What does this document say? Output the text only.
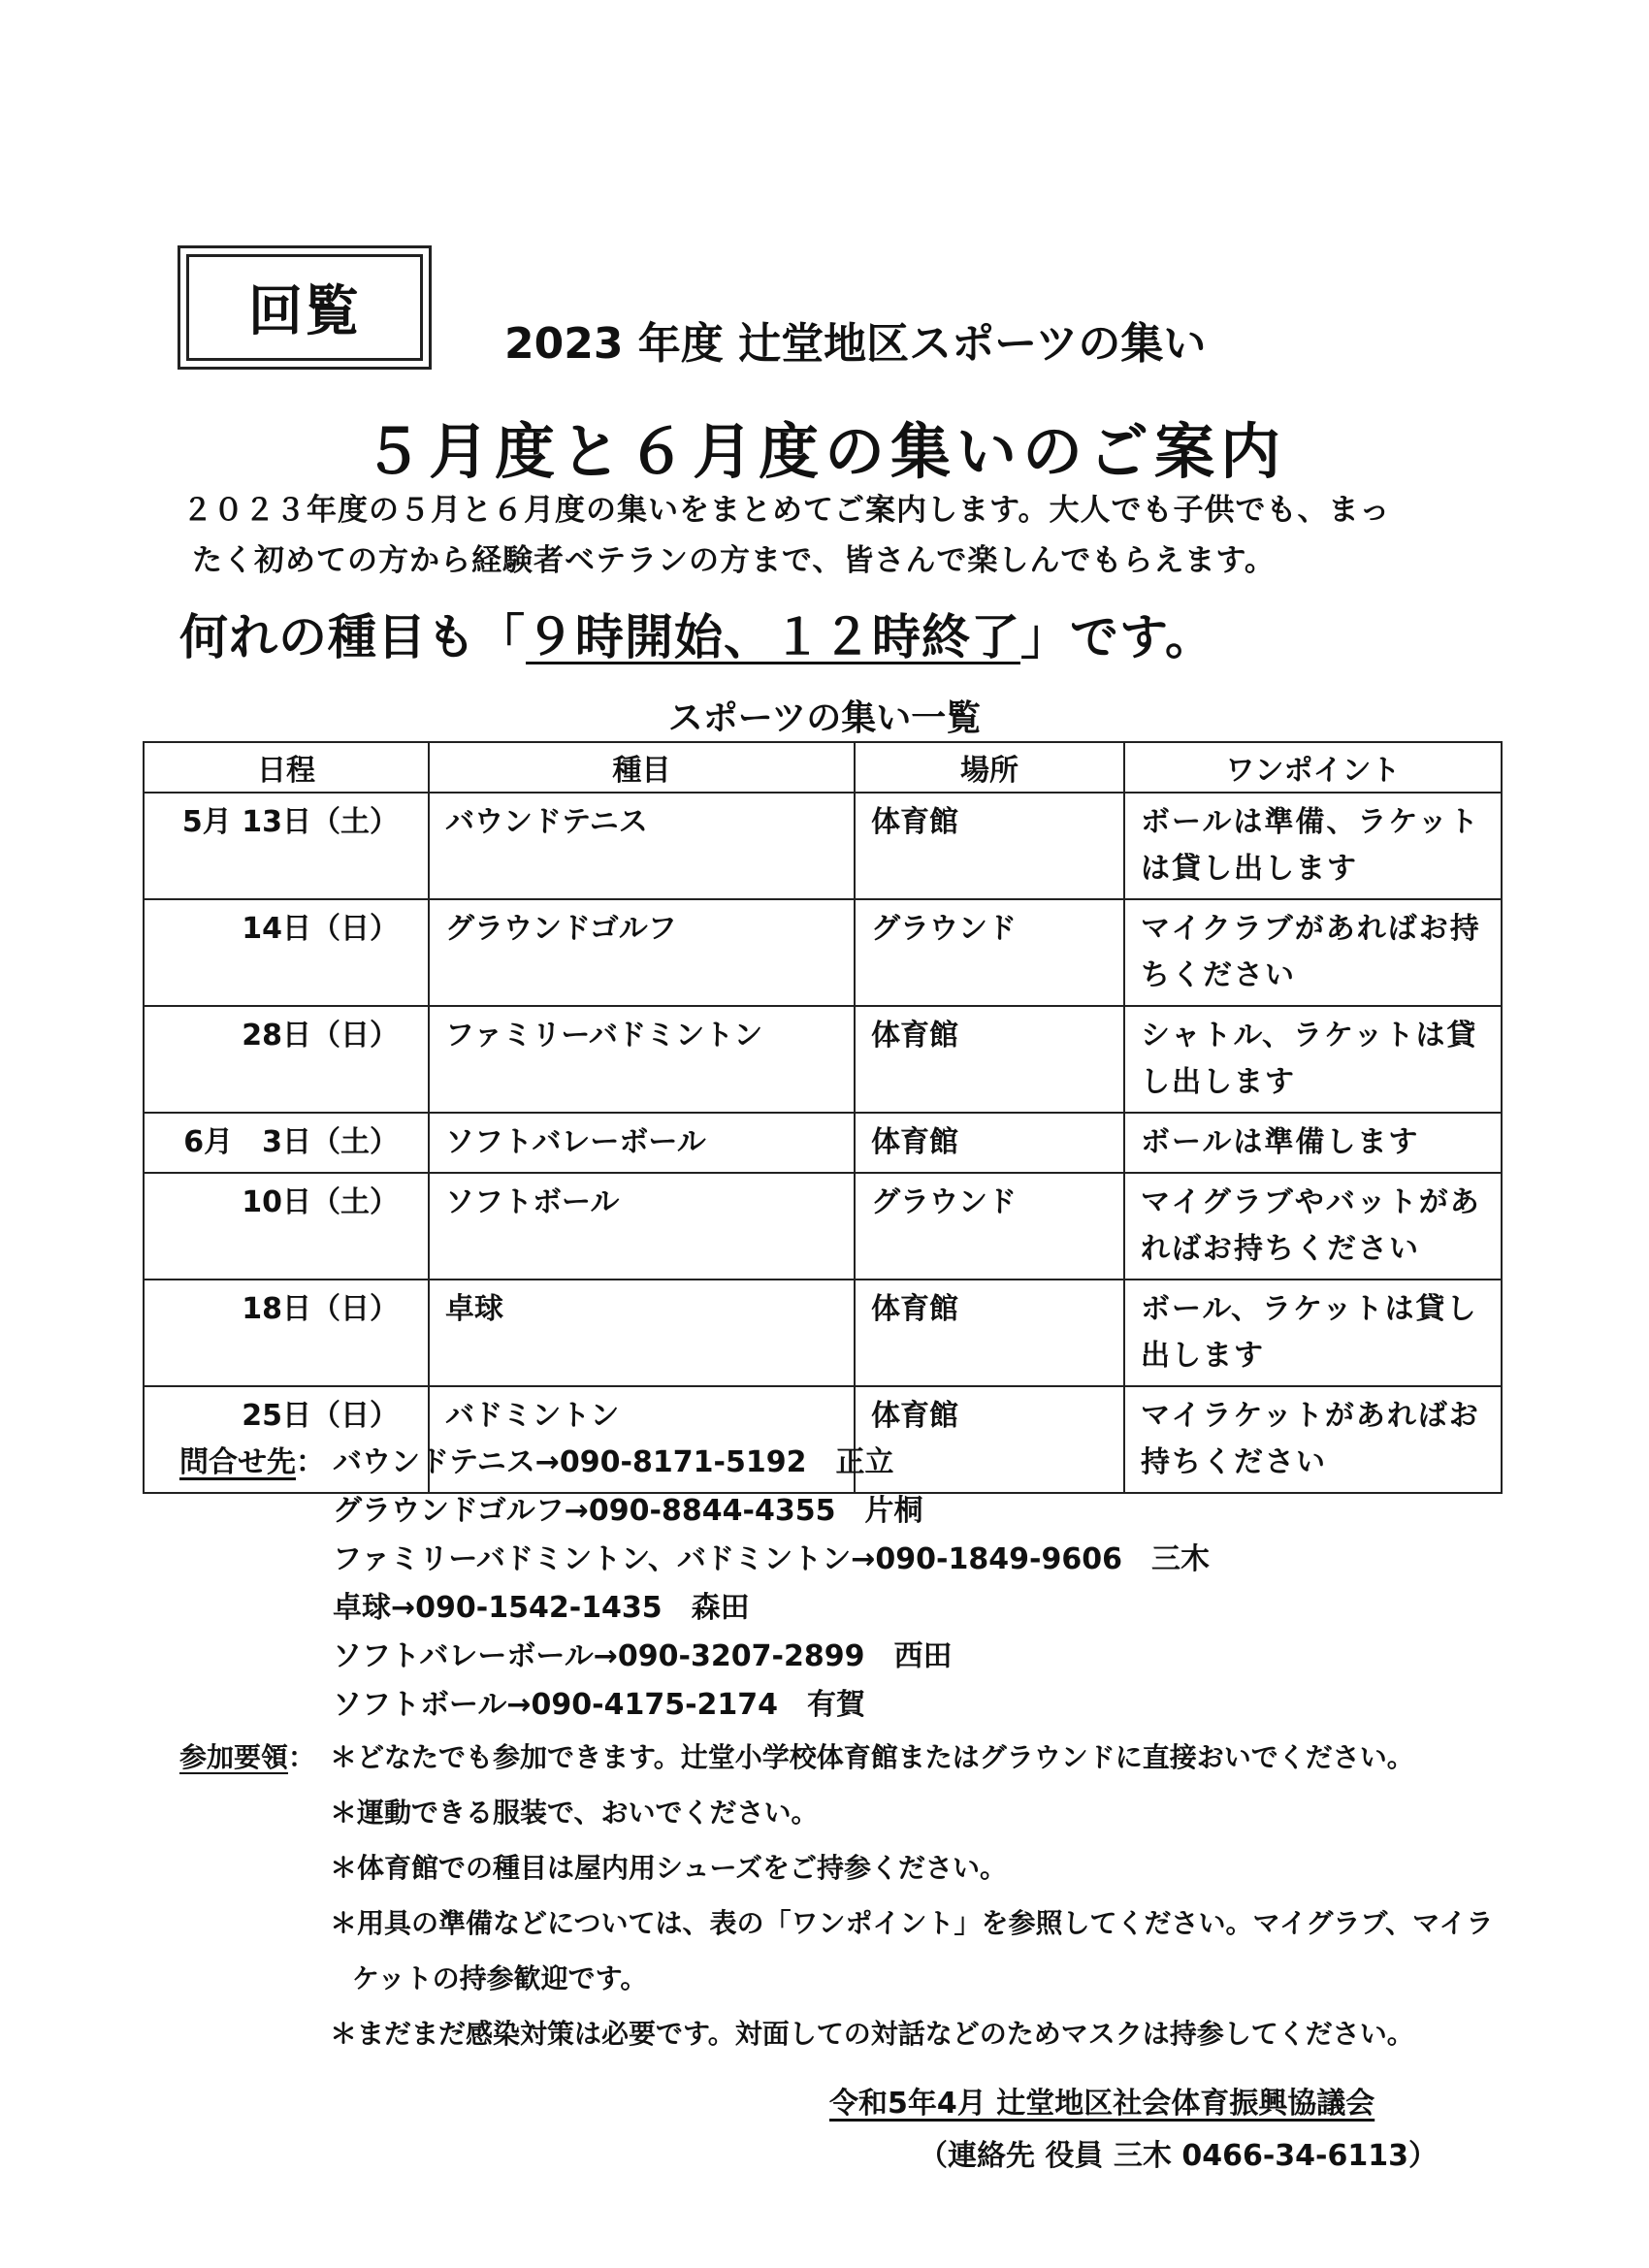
回覧
2023 年度 辻堂地区スポーツの集い
５月度と６月度の集いのご案内
２０２３年度の５月と６月度の集いをまとめてご案内します。大人でも子供でも、まっ
たく初めての方から経験者ベテランの方まで、皆さんで楽しんでもらえます。
何れの種目も「９時開始、１２時終了」です。
スポーツの集い一覧
日程	種目	場所	ワンポイント
5月 13日（土）	バウンドテニス	体育館	ボールは準備、ラケットは貸し出します
14日（日）	グラウンドゴルフ	グラウンド	マイクラブがあればお持ちください
28日（日）	ファミリーバドミントン	体育館	シャトル、ラケットは貸し出します
6月　3日（土）	ソフトバレーボール	体育館	ボールは準備します
10日（土）	ソフトボール	グラウンド	マイグラブやバットがあればお持ちください
18日（日）	卓球	体育館	ボール、ラケットは貸し出します
25日（日）	バドミントン	体育館	マイラケットがあればお持ちください
問合せ先： バウンドテニス→090-8171-5192　正立
グラウンドゴルフ→090-8844-4355　片桐
ファミリーバドミントン、バドミントン→090-1849-9606　三木
卓球→090-1542-1435　森田
ソフトバレーボール→090-3207-2899　西田
ソフトボール→090-4175-2174　有賀
参加要領： ＊どなたでも参加できます。辻堂小学校体育館またはグラウンドに直接おいでください。
＊運動できる服装で、おいでください。
＊体育館での種目は屋内用シューズをご持参ください。
＊用具の準備などについては、表の「ワンポイント」を参照してください。マイグラブ、マイラ
ケットの持参歓迎です。
＊まだまだ感染対策は必要です。対面しての対話などのためマスクは持参してください。
令和5年4月 辻堂地区社会体育振興協議会
（連絡先 役員 三木 0466-34-6113）
